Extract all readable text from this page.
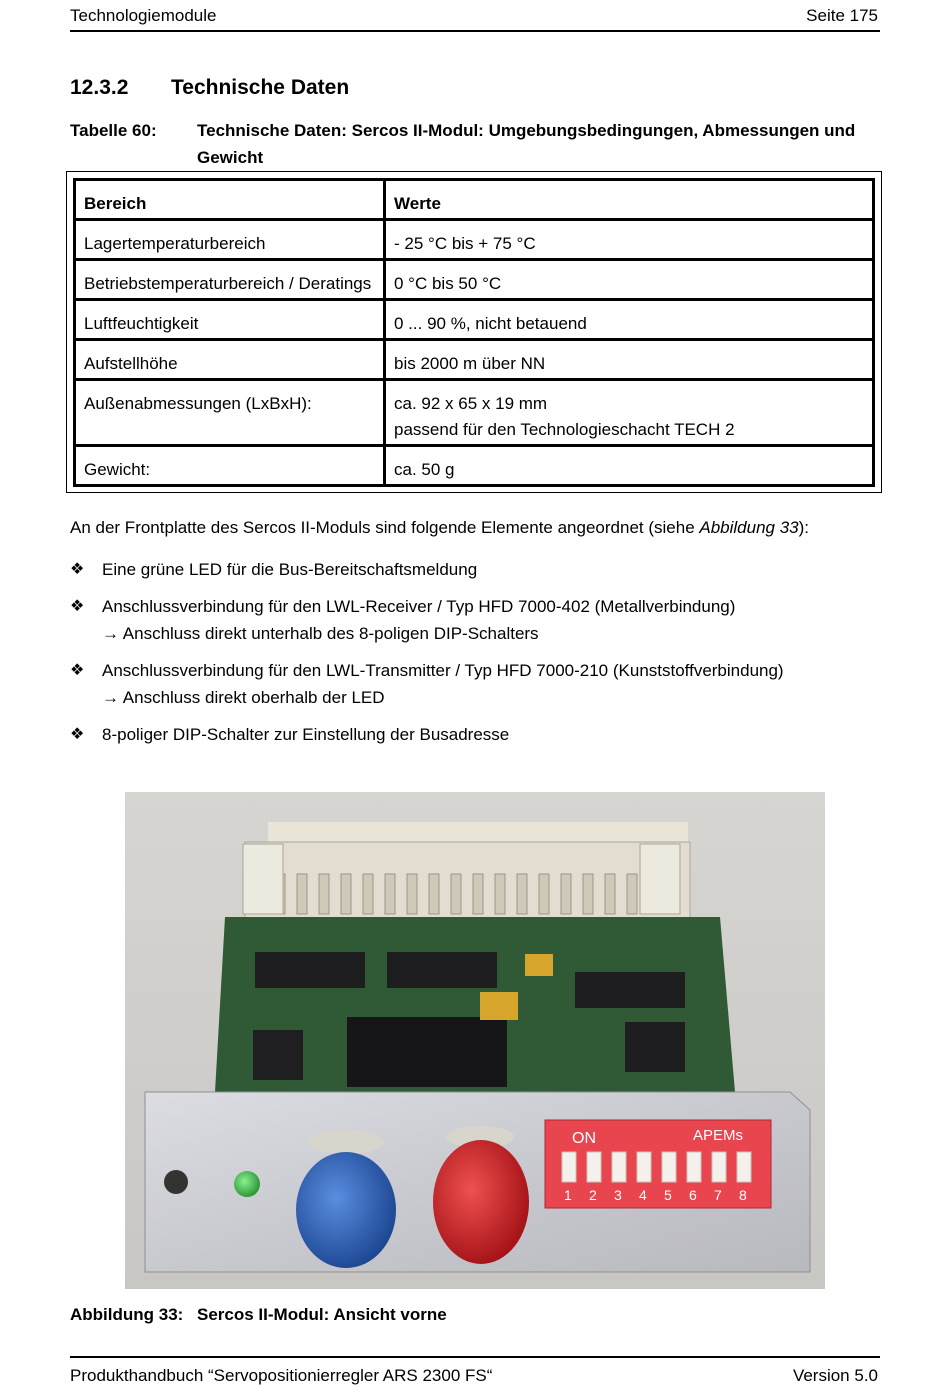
Technologiemodule	Seite 175
12.3.2 Technische Daten
Tabelle 60: Technische Daten: Sercos II-Modul: Umgebungsbedingungen, Abmessungen und Gewicht
Bereich	Werte
Lagertemperaturbereich	- 25 °C bis + 75 °C
Betriebstemperaturbereich / Deratings	0 °C bis 50 °C
Luftfeuchtigkeit	0 ... 90 %, nicht betauend
Aufstellhöhe	bis 2000 m über NN
Außenabmessungen (LxBxH):	ca. 92 x 65 x 19 mm
passend für den Technologieschacht TECH 2

Gewicht:	ca. 50 g
An der Frontplatte des Sercos II-Moduls sind folgende Elemente angeordnet (siehe Abbildung 33):
❖ Eine grüne LED für die Bus-Bereitschaftsmeldung
❖ Anschlussverbindung für den LWL-Receiver / Typ HFD 7000-402 (Metallverbindung)
→ Anschluss direkt unterhalb des 8-poligen DIP-Schalters
❖ Anschlussverbindung für den LWL-Transmitter / Typ HFD 7000-210 (Kunststoffverbindung)
→ Anschluss direkt oberhalb der LED
❖ 8-poliger DIP-Schalter zur Einstellung der Busadresse
ON	APEMs
1 2 3 4 5 6 7 8
Abbildung 33: Sercos II-Modul: Ansicht vorne
Produkthandbuch “Servopositionierregler ARS 2300 FS“	Version 5.0
